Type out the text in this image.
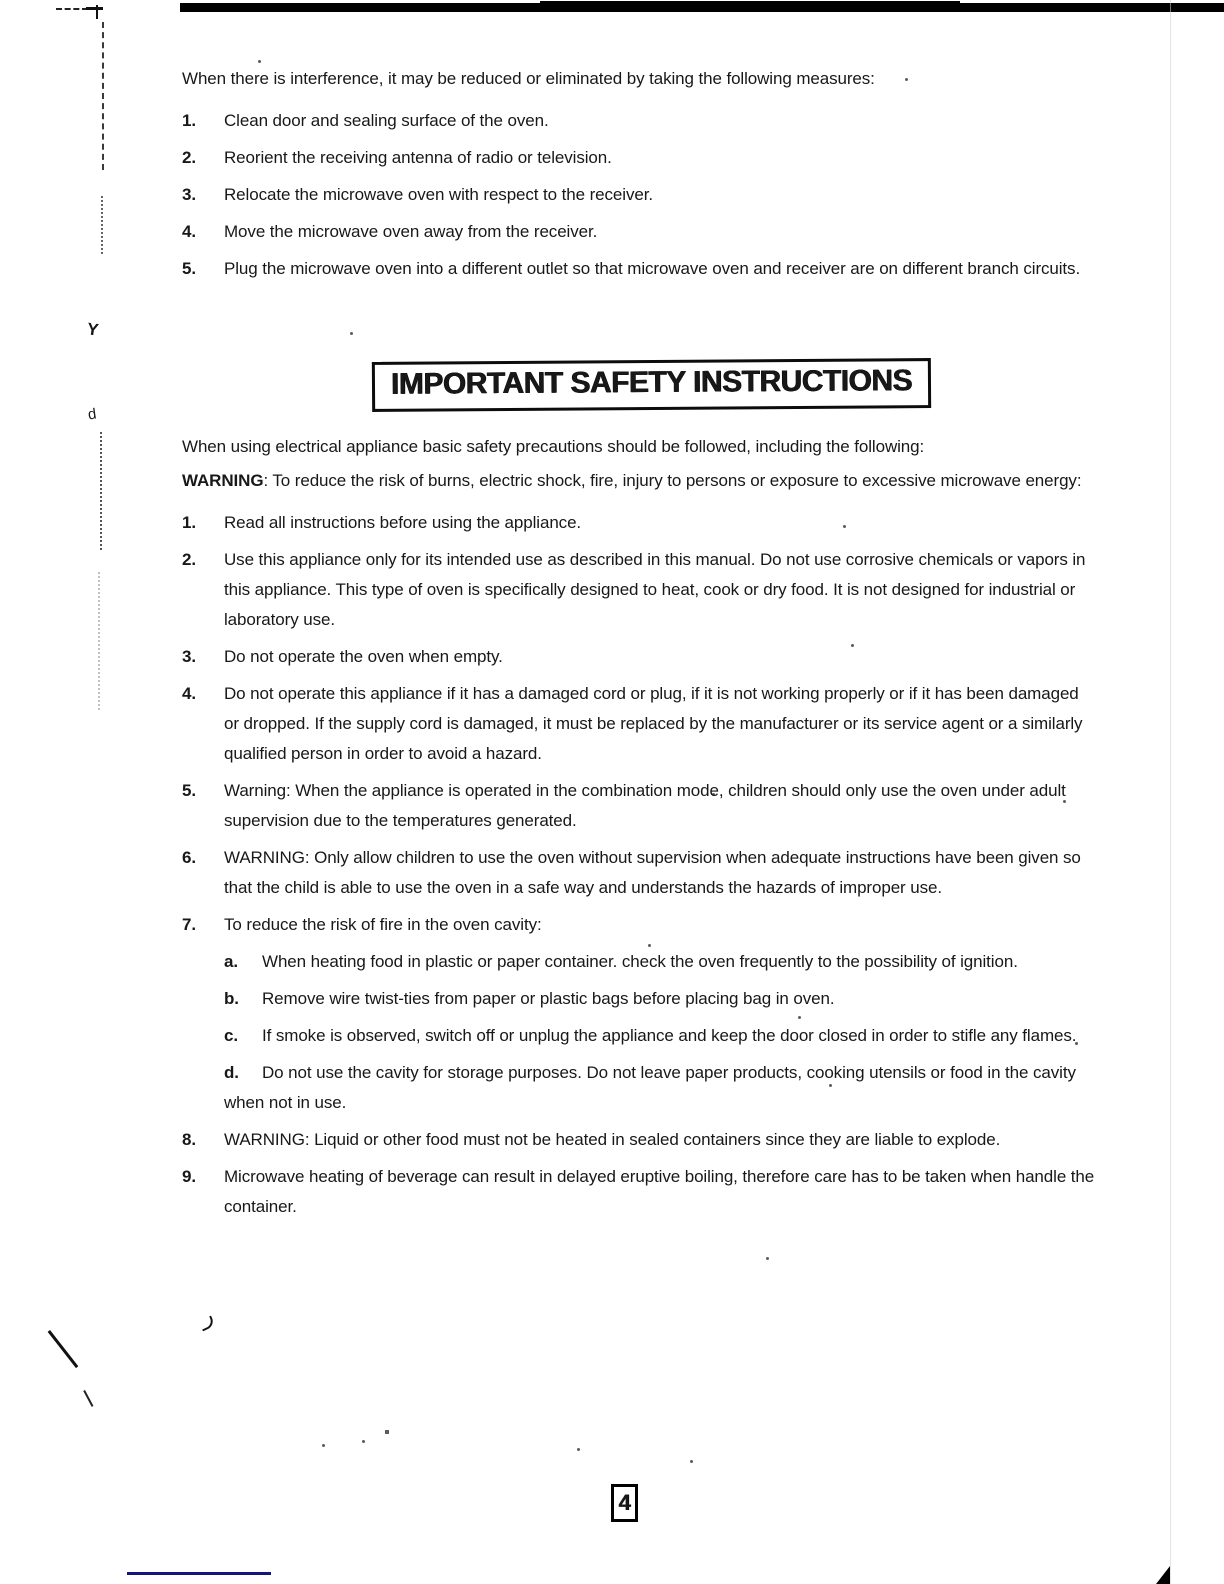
Y
d

When there is interference, it may be reduced or eliminated by taking the following measures:

1.	Clean door and sealing surface of the oven.
2.	Reorient the receiving antenna of radio or television.
3.	Relocate the microwave oven with respect to the receiver.
4.	Move the microwave oven away from the receiver.
5.	Plug the microwave oven into a different outlet so that microwave oven and receiver are on different branch circuits.
IMPORTANT SAFETY INSTRUCTIONS

When using electrical appliance basic safety precautions should be followed, including the following:

WARNING: To reduce the risk of burns, electric shock, fire, injury to persons or exposure to excessive microwave energy:

1.	Read all instructions before using the appliance.
2.	Use this appliance only for its intended use as described in this manual. Do not use corrosive chemicals or vapors in this appliance. This type of oven is specifically designed to heat, cook or dry food. It is not designed for industrial or laboratory use.
3.	Do not operate the oven when empty.
4.	Do not operate this appliance if it has a damaged cord or plug, if it is not working properly or if it has been damaged or dropped. If the supply cord is damaged, it must be replaced by the manufacturer or its service agent or a similarly qualified person in order to avoid a hazard.
5.	Warning: When the appliance is operated in the combination mode, children should only use the oven under adult supervision due to the temperatures generated.
6.	WARNING: Only allow children to use the oven without supervision when adequate instructions have been given so that the child is able to use the oven in a safe way and understands the hazards of improper use.
7.	To reduce the risk of fire in the oven cavity:
a. When heating food in plastic or paper container. check the oven frequently to the possibility of ignition.
b. Remove wire twist-ties from paper or plastic bags before placing bag in oven.
c. If smoke is observed, switch off or unplug the appliance and keep the door closed in order to stifle any flames.
d. Do not use the cavity for storage purposes. Do not leave paper products, cooking utensils or food in the cavity when not in use.
8.	WARNING: Liquid or other food must not be heated in sealed containers since they are liable to explode.
9.	Microwave heating of beverage can result in delayed eruptive boiling, therefore care has to be taken when handle the container.
4
